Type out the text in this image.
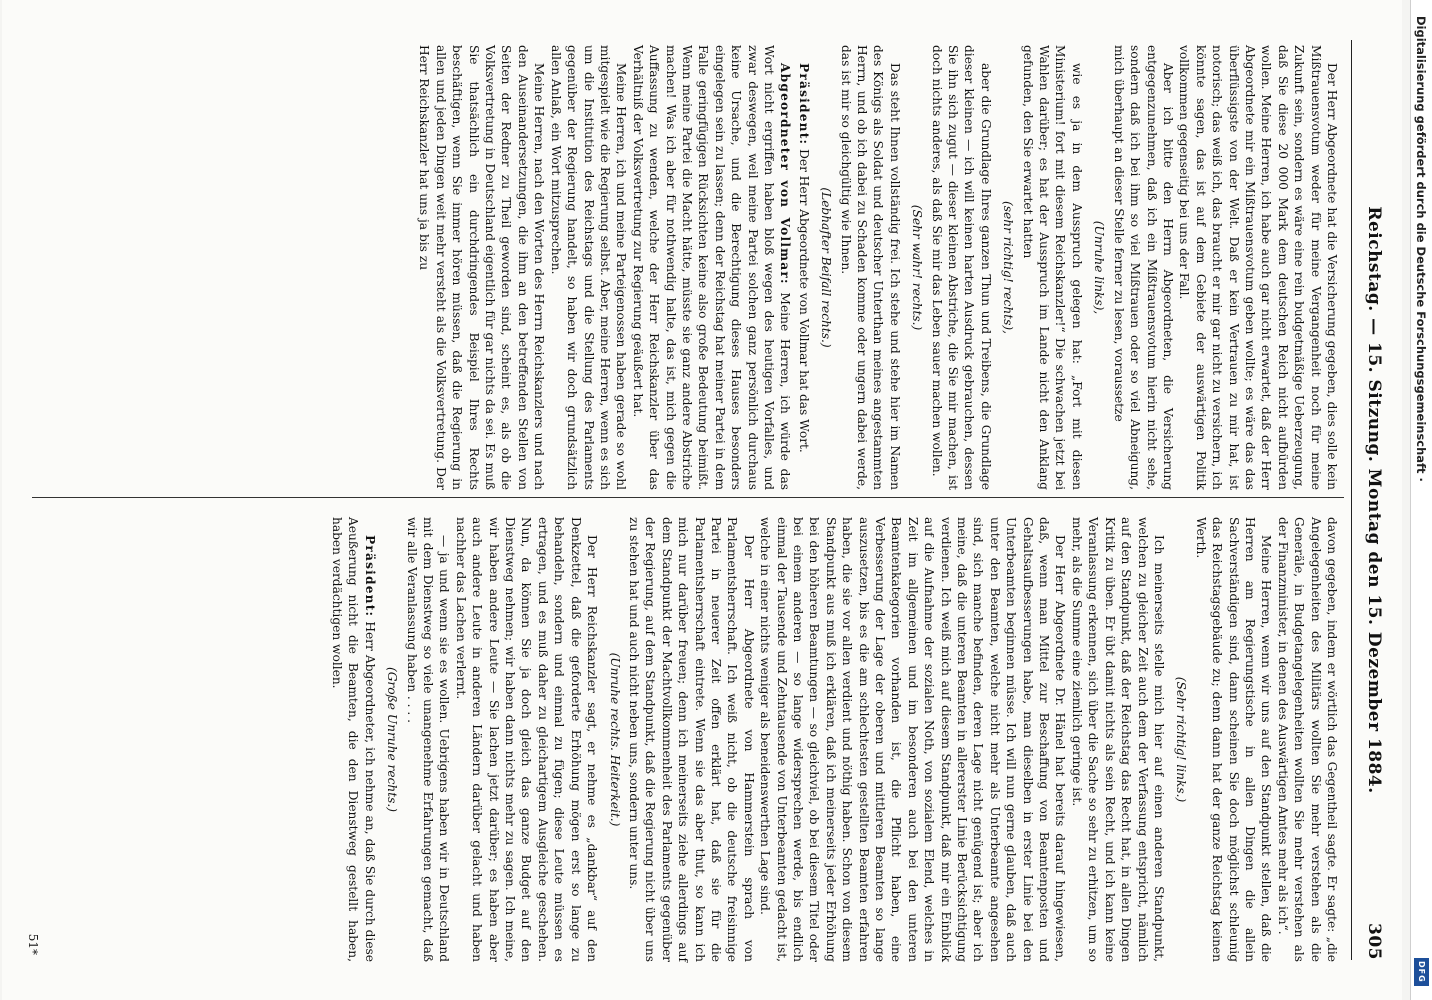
Reichstag. — 15. Sitzung. Montag den 15. Dezember 1884.
305

Der Herr Abgeordnete hat die Versicherung gegeben, dies solle kein Mißtrauensvotum weder für meine Vergangenheit noch für meine Zukunft sein, sondern es wäre eine rein budgetmäßige Ueberzeugung, daß Sie diese 20 000 Mark dem deutschen Reich nicht aufbürden wollen. Meine Herren, ich habe auch gar nicht erwartet, daß der Herr Abgeordnete mir ein Mißtrauensvotum geben wollte; es wäre das das überflüssigste von der Welt. Daß er kein Vertrauen zu mir hat, ist notorisch; das weiß ich, das braucht er mir gar nicht zu versichern, ich könnte sagen, das ist auf dem Gebiete der auswärtigen Politik vollkommen gegenseitig bei uns der Fall.

Aber ich bitte den Herrn Abgeordneten, die Versicherung entgegenzunehmen, daß ich ein Mißtrauensvotum hierin nicht sehe, sondern daß ich bei ihm so viel Mißtrauen oder so viel Abneigung, mich überhaupt an dieser Stelle ferner zu lesen, voraussetze

(Unruhe links),

wie es ja in dem Ausspruch gelegen hat: „Fort mit diesen Ministerium! fort mit diesem Reichskanzler!“ Die schwachen jetzt bei Wahlen darüber; es hat der Ausspruch im Lande nicht den Anklang gefunden, den Sie erwartet hatten

(sehr richtig! rechts),

aber die Grundlage Ihres ganzen Thun und Treibens, die Grundlage dieser kleinen — ich will keinen harten Ausdruck gebrauchen, dessen Sie ihn sich zugut — dieser kleinen Abstriche, die Sie mir machen, ist doch nichts anderes, als daß Sie mir das Leben sauer machen wollen.

(Sehr wahr! rechts.)

Das steht Ihnen vollständig frei. Ich stehe und stehe hier im Namen des Königs als Soldat und deutscher Unterthan meines angestammten Herrn, und ob ich dabei zu Schaden komme oder ungern dabei werde, das ist mir so gleichgültig wie Ihnen.

(Lebhafter Beifall rechts.)

Präsident: Der Herr Abgeordnete von Vollmar hat das Wort.

Abgeordneter von Vollmar: Meine Herren, ich würde das Wort nicht ergriffen haben bloß wegen des heutigen Vorfalles, und zwar deswegen, weil meine Partei solchen ganz persönlich durchaus keine Ursache, und die Berechtigung dieses Hauses besonders eingelegen sein zu lassen; denn der Reichstag hat meiner Partei in dem Falle geringfügigen Rücksichten keine also große Bedeutung beimißt. Wenn meine Partei die Macht hätte, müsste sie ganz andere Abstriche machen! Was ich aber für nothwendig halte, das ist, mich gegen die Auffassung zu wenden, welche der Herr Reichskanzler über das Verhältniß der Volksvertretung zur Regierung geäußert hat.

Meine Herren, ich und meine Parteigenossen haben gerade so wohl mitgespielt wie die Regierung selbst. Aber, meine Herren, wenn es sich um die Institution des Reichstags und die Stellung des Parlaments gegenüber der Regierung handelt, so haben wir doch grundsätzlich allen Anlaß, ein Wort mitzusprechen.

Meine Herren, nach den Worten des Herrn Reichskanzlers und nach den Auseinandersetzungen, die ihm an den betreffenden Stellen von Seiten der Redner zu Theil geworden sind, scheint es, als ob die Volksvertretung in Deutschland eigentlich für gar nichts da sei. Es muß Sie thatsächlich ein durchdringendes Beispiel Ihres Rechts beschäftigen, wenn Sie immer hören müssen, daß die Regierung in allen und jeden Dingen weit mehr versteht als die Volksvertretung. Der Herr Reichskanzler hat uns ja bis zu

davon gegeben, indem er wörtlich das Gegentheil sagte. Er sagte: „die Angelegenheiten des Militärs wollten Sie mehr verstehen als die Generäle, in Budgetangelegenheiten wollten Sie mehr verstehen als der Finanzminister, in denen des Auswärtigen Amtes mehr als ich“.

Meine Herren, wenn wir uns auf den Standpunkt stellen, daß die Herren am Regierungstische in allen Dingen die allein Sachverständigen sind, dann scheinen Sie doch möglichst schleunig das Reichstagsgebäude zu; denn dann hat der ganze Reichstag keinen Werth.

(Sehr richtig! links.)

Ich meinerseits stelle mich hier auf einen anderen Standpunkt, welchen zu gleicher Zeit auch dem der Verfassung entspricht, nämlich auf den Standpunkt, daß der Reichstag das Recht hat, in allen Dingen Kritik zu üben. Er übt damit nichts als sein Recht, und ich kann keine Veranlassung erkennen, sich über die Sache so sehr zu erhitzen, um so mehr, als die Summe eine ziemlich geringe ist.

Der Herr Abgeordnete Dr. Hänel hat bereits darauf hingewiesen, daß, wenn man Mittel zur Beschaffung von Beamtenposten und Gehaltsaufbesserungen habe, man dieselben in erster Linie bei den Unterbeamten beginnen müsse. Ich will nun gerne glauben, daß auch unter den Beamten, welche nicht mehr als Unterbeamte angesehen sind, sich manche befinden, deren Lage nicht genügend ist; aber ich meine, daß die unteren Beamten in allererster Linie Berücksichtigung verdienen. Ich weiß mich auf diesem Standpunkt, daß mir ein Einblick auf die Aufnahme der sozialen Noth, von sozialem Elend, welches in Zeit im allgemeinen und im besonderen auch bei den unteren Beamtenkategorien vorhanden ist, die Pflicht haben, eine Verbesserung der Lage der oberen und mittleren Beamten so lange auszusetzen, bis es die am schlechtesten gestellten Beamten erfahren haben, die sie vor allen verdient und nöthig haben. Schon von diesem Standpunkt aus muß ich erklären, daß ich meinerseits jeder Erhöhung bei den höheren Beamtungen — so gleichviel, ob bei diesem Titel oder bei einem anderen — so lange widersprechen werde, bis endlich einmal der Tausende und Zehntausende von Unterbeamten gedacht ist, welche in einer nichts weniger als beneidenswerthen Lage sind.

Der Herr Abgeordnete von Hammerstein sprach von Parlamentsherrschaft. Ich weiß nicht, ob die deutsche freisinnige Partei in neuerer Zeit offen erklärt hat, daß sie für die Parlamentsherrschaft eintrete. Wenn sie das aber thut, so kann ich mich nur darüber freuen; denn ich meinerseits ziehe allerdings auf dem Standpunkt der Machtvollkommenheit des Parlaments gegenüber der Regierung, auf dem Standpunkt, daß die Regierung nicht über uns zu stehen hat und auch nicht neben uns, sondern unter uns.

(Unruhe rechts. Heiterkeit.)

Der Herr Reichskanzler sagt, er nehme es „dankbar“ auf den Denkzettel, daß die geforderte Erhöhung mögen erst so lange zu behandeln, sondern und einmal zu fügen; diese Leute müssen es ertragen, und es muß daher zu gleichartigem Ausgleiche geschehen. Nun, da können Sie ja doch gleich das ganze Budget auf den Dienstweg nehmen; wir haben dann nichts mehr zu sagen. Ich meine, wir haben andere Leute — Sie lachen jetzt darüber; es haben aber auch andere Leute in anderen Ländern darüber gelacht und haben nachher das Lachen verlernt.

— ja und wenn sie es wollen. Uebrigens haben wir in Deutschland mit dem Dienstweg so viele unangenehme Erfahrungen gemacht, daß wir alle Veranlassung haben . . . .

(Große Unruhe rechts.)

Präsident: Herr Abgeordneter, ich nehme an, daß Sie durch diese Aeußerung nicht die Beamten, die den Dienstweg gestellt haben, haben verdächtigen wollen.

51*
Digitalisierung gefördert durch die Deutsche Forschungsgemeinschaft ·
DFG
